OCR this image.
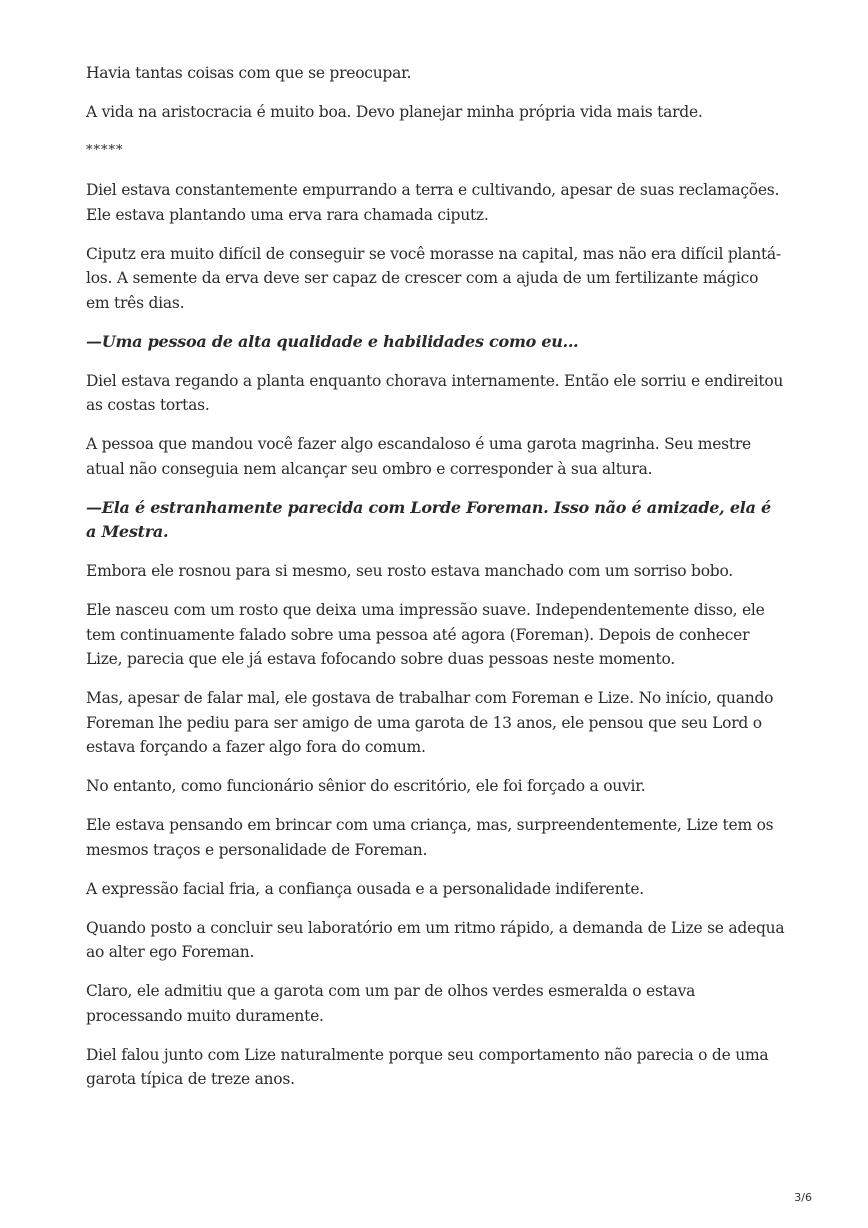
Havia tantas coisas com que se preocupar.

A vida na aristocracia é muito boa. Devo planejar minha própria vida mais tarde.

*****

Diel estava constantemente empurrando a terra e cultivando, apesar de suas reclamações. Ele estava plantando uma erva rara chamada ciputz.

Ciputz era muito difícil de conseguir se você morasse na capital, mas não era difícil plantá-los. A semente da erva deve ser capaz de crescer com a ajuda de um fertilizante mágico em três dias.

—Uma pessoa de alta qualidade e habilidades como eu…

Diel estava regando a planta enquanto chorava internamente. Então ele sorriu e endireitou as costas tortas.

A pessoa que mandou você fazer algo escandaloso é uma garota magrinha. Seu mestre atual não conseguia nem alcançar seu ombro e corresponder à sua altura.

—Ela é estranhamente parecida com Lorde Foreman. Isso não é amizade, ela é a Mestra.

Embora ele rosnou para si mesmo, seu rosto estava manchado com um sorriso bobo.

Ele nasceu com um rosto que deixa uma impressão suave. Independentemente disso, ele tem continuamente falado sobre uma pessoa até agora (Foreman). Depois de conhecer Lize, parecia que ele já estava fofocando sobre duas pessoas neste momento.

Mas, apesar de falar mal, ele gostava de trabalhar com Foreman e Lize. No início, quando Foreman lhe pediu para ser amigo de uma garota de 13 anos, ele pensou que seu Lord o estava forçando a fazer algo fora do comum.

No entanto, como funcionário sênior do escritório, ele foi forçado a ouvir.

Ele estava pensando em brincar com uma criança, mas, surpreendentemente, Lize tem os mesmos traços e personalidade de Foreman.

A expressão facial fria, a confiança ousada e a personalidade indiferente.

Quando posto a concluir seu laboratório em um ritmo rápido, a demanda de Lize se adequa ao alter ego Foreman.

Claro, ele admitiu que a garota com um par de olhos verdes esmeralda o estava processando muito duramente.

Diel falou junto com Lize naturalmente porque seu comportamento não parecia o de uma garota típica de treze anos.

3/6
